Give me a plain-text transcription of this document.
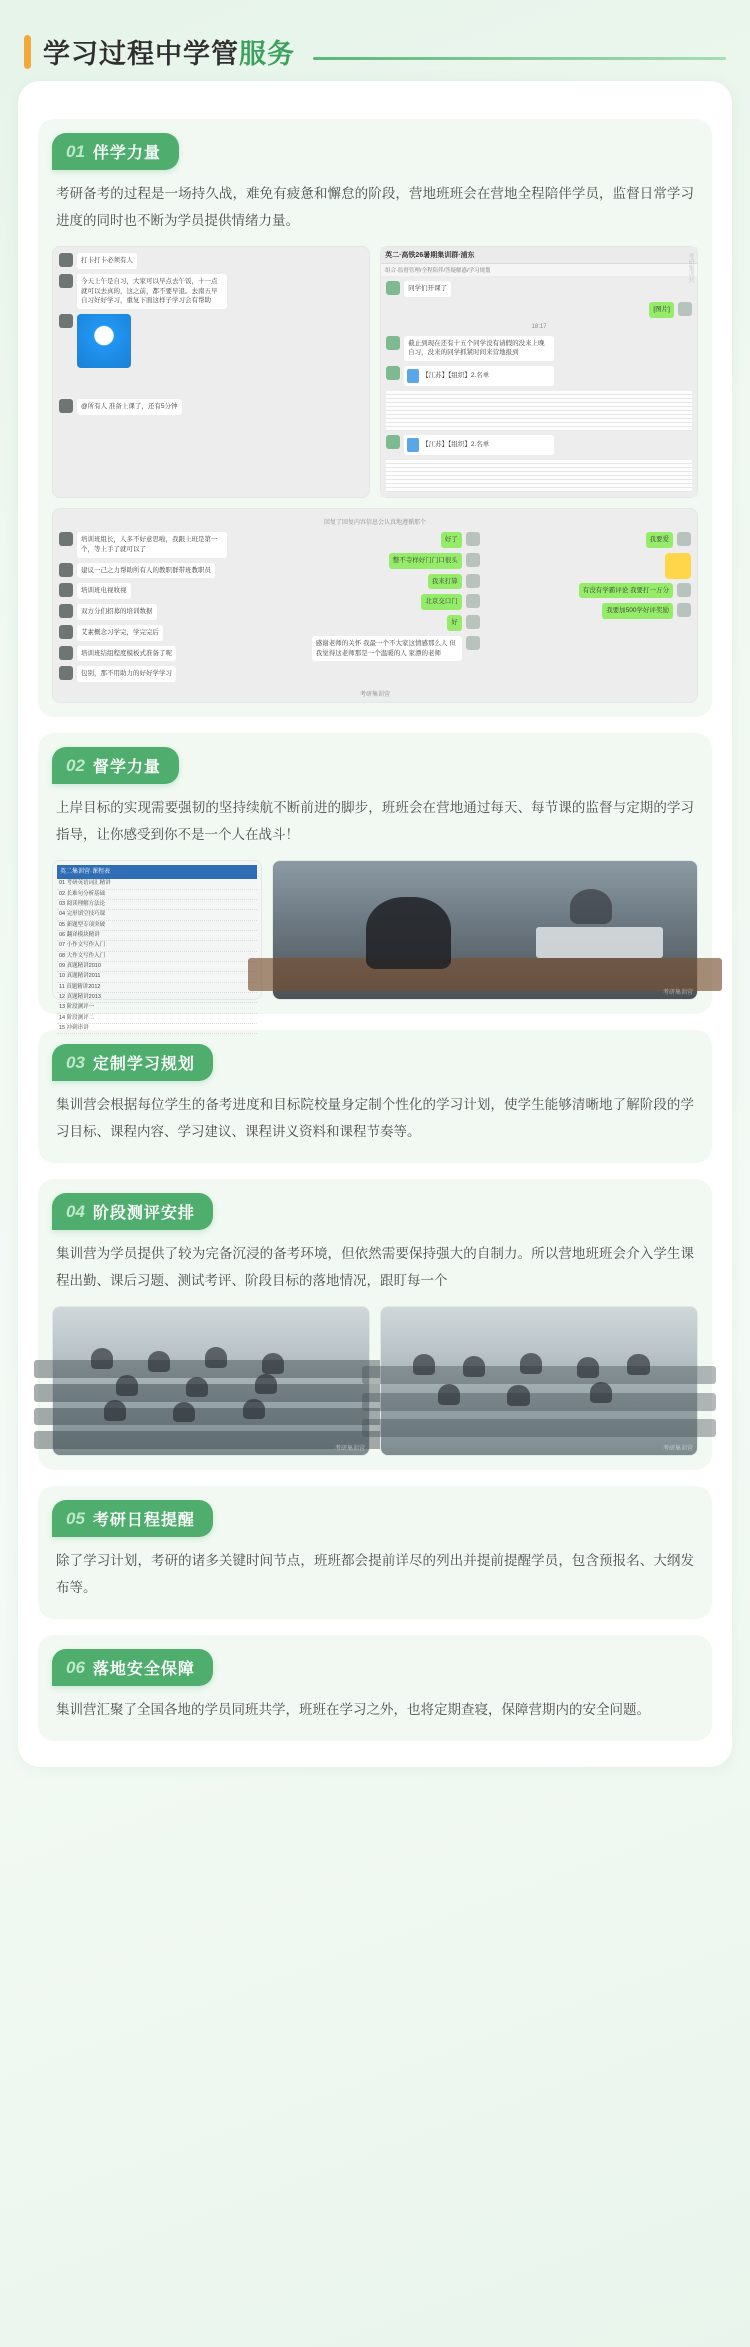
学习过程中学管服务
01 伴学力量
考研备考的过程是一场持久战，难免有疲惫和懈怠的阶段，营地班班会在营地全程陪伴学员，监督日常学习进度的同时也不断为学员提供情绪力量。
打卡打卡必须有人
今天上午是自习，大家可以早点去午饭，十一点就可以去真的，这之前，都不要早退。去南五早自习好好学习，重复下面这样子学习会有帮助
@所有人 准备上课了，还有5分钟
英二·高铁26暑期集训群·浦东
组合·监督管理/全程陪伴/答疑解惑/学习规划
同学们开课了
[图片]
18:17
截止到现在还有十五个同学没有请假的没来上晚自习，没来的同学抓紧时间来营地报到
【江苏】【组织】2.名单
【江苏】【组织】2.名单
考研集训营
回复了回复内容信息会认真地遵循那个
培训班组长，人多不好意思啦，我跟上班是第一个，等上手了就可以了
建议一己之力帮助所有人的教职群带班教职员
培训班电视收视
双方分们招募的培训数据
艾素概念习学完，学完完后
培训班结组程度模板式准备了呢
包别，那不用助力的好好学学习
好了
整不寺样好门门口很头
我来打算
北京交口门
好
感谢老师的关怀 我最一个不大家这情感那么人 但我觉得这老师那是一个温暖的人 家漂的老师
我要爱
有没有学霸评论 我要打一万分
我要加500学好评奖励
考研集训营
02 督学力量
上岸目标的实现需要强韧的坚持续航不断前进的脚步，班班会在营地通过每天、每节课的监督与定期的学习指导，让你感受到你不是一个人在战斗！
英二集训营·课程表
01 考研英语词汇精讲
02 长难句分析基础
03 阅读理解方法论
04 完形填空技巧课
05 新题型专项突破
06 翻译模块精讲
07 小作文写作入门
08 大作文写作入门
09 真题精讲2010
10 真题精讲2011
11 真题精讲2012
12 真题精讲2013
13 阶段测评一
14 阶段测评二
15 冲刺串讲
考研集训营
03 定制学习规划
集训营会根据每位学生的备考进度和目标院校量身定制个性化的学习计划，使学生能够清晰地了解阶段的学习目标、课程内容、学习建议、课程讲义资料和课程节奏等。
04 阶段测评安排
集训营为学员提供了较为完备沉浸的备考环境，但依然需要保持强大的自制力。所以营地班班会介入学生课程出勤、课后习题、测试考评、阶段目标的落地情况，跟盯每一个
考研集训营	考研集训营
05 考研日程提醒
除了学习计划，考研的诸多关键时间节点，班班都会提前详尽的列出并提前提醒学员，包含预报名、大纲发布等。
06 落地安全保障
集训营汇聚了全国各地的学员同班共学，班班在学习之外，也将定期查寝，保障营期内的安全问题。
